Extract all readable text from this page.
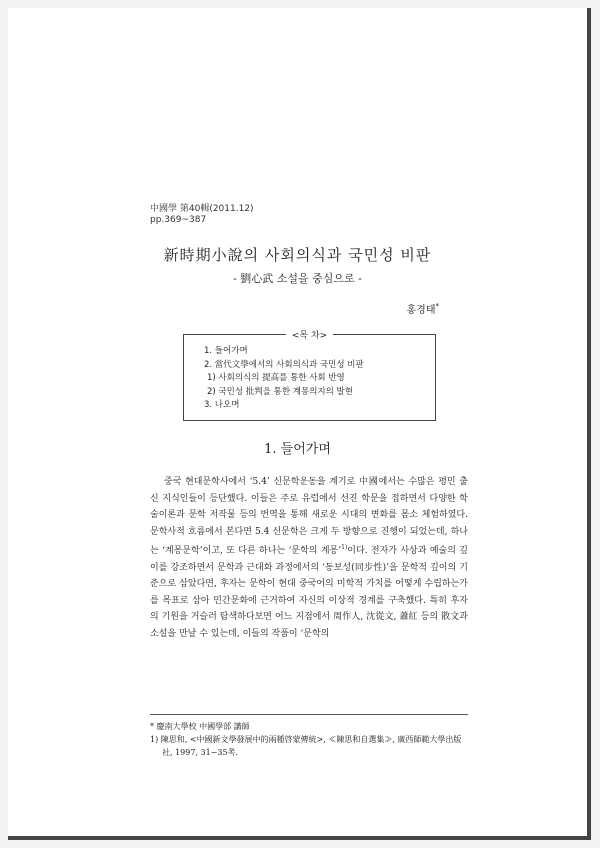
中國學 第40輯(2011.12)
pp.369~387
新時期小說의 사회의식과 국민성 비판
- 劉心武 소설을 중심으로 -
홍경태*
<목 차>
1. 들어가며
2. 當代文學에서의 사회의식과 국민성 비판
1) 사회의식의 提高를 통한 사회 반영
2) 국민성 批判을 통한 계몽의지의 발현
3. 나오며
1. 들어가며

중국 현대문학사에서 ‘5.4’ 신문학운동을 계기로 中國에서는 수많은 평민 출신 지식인들이 등단했다. 이들은 주로 유럽에서 선진 학문을 접하면서 다양한 학술이론과 문학 저작물 등의 번역을 통해 새로운 시대의 변화를 몸소 체험하였다. 문학사적 흐름에서 본다면 5.4 신문학은 크게 두 방향으로 진행이 되었는데, 하나는 ‘계몽문학’이고, 또 다른 하나는 ‘문학의 계몽’$^{1)}$이다. 전자가 사상과 예술의 깊이를 강조하면서 문학과 근대화 과정에서의 ‘동보성(同步性)’을 문학적 깊이의 기준으로 삼았다면, 후자는 문학이 현대 중국어의 미학적 가치를 어떻게 수립하는가를 목표로 삼아 민간문화에 근거하여 자신의 이상적 경계를 구축했다. 특히 후자의 기원을 거슬러 탐색하다보면 어느 지점에서 周作人, 沈從文, 蕭紅 등의 散文과 소설을 만날 수 있는데, 이들의 작품이 ‘문학의

* 慶南大學校 中國學部 講師
1) 陳思和, <中國新文學發展中的兩種啓蒙傳統>, ≪陳思和自選集≫, 廣西師範大學出版社, 1997, 31~35쪽.
